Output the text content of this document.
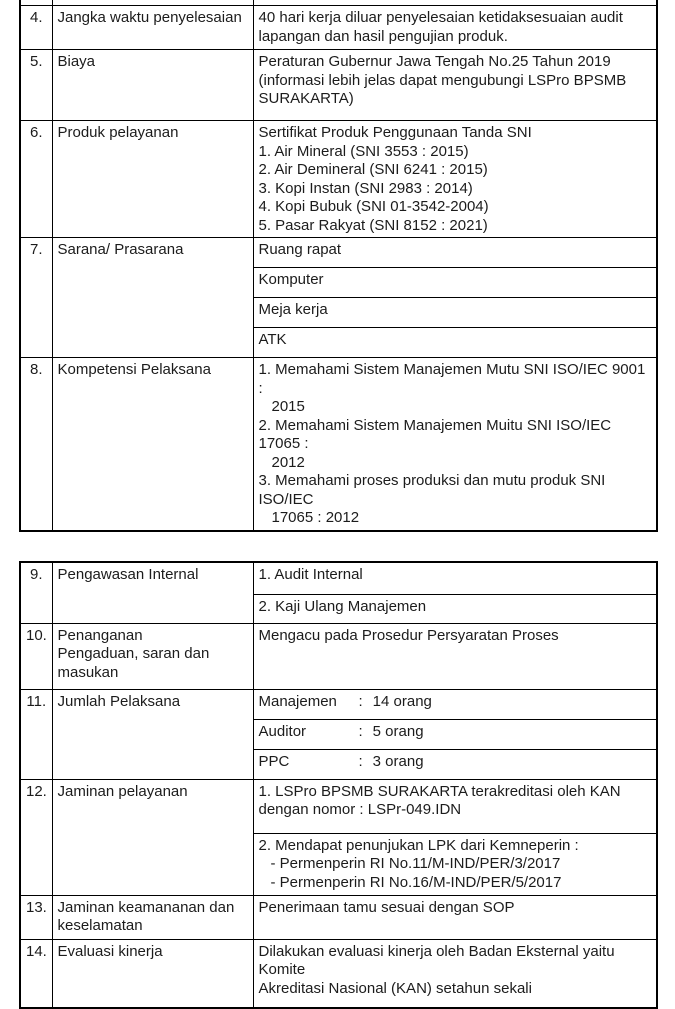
4.	Jangka waktu penyelesaian	40 hari kerja diluar penyelesaian ketidaksesuaian audit
lapangan dan hasil pengujian produk.

5.	Biaya	Peraturan Gubernur Jawa Tengah No.25 Tahun 2019
(informasi lebih jelas dapat mengubungi LSPro BPSMB
SURAKARTA)

6.	Produk pelayanan	Sertifikat Produk Penggunaan Tanda SNI
1. Air Mineral (SNI 3553 : 2015)
2. Air Demineral (SNI 6241 : 2015)
3. Kopi Instan (SNI 2983 : 2014)
4. Kopi Bubuk (SNI 01-3542-2004)
5. Pasar Rakyat (SNI 8152 : 2021)

7.	Sarana/ Prasarana	Ruang rapat
		Komputer
		Meja kerja
		ATK
8.	Kompetensi Pelaksana	1. Memahami Sistem Manajemen Mutu SNI ISO/IEC 9001 :
2015
2. Memahami Sistem Manajemen Muitu SNI ISO/IEC 17065 :
2012
3. Memahami proses produksi dan mutu produk SNI ISO/IEC
17065 : 2012
9.	Pengawasan Internal	1. Audit Internal
		2. Kaji Ulang Manajemen
10.	Penanganan
Pengaduan, saran dan
masukan	Mengacu pada Prosedur Persyaratan Proses
11.	Jumlah Pelaksana	Manajemen : 14 orang
		Auditor : 5 orang
		PPC : 3 orang
12.	Jaminan pelayanan	1. LSPro BPSMB SURAKARTA terakreditasi oleh KAN
dengan nomor : LSPr-049.IDN

		2. Mendapat penunjukan LPK dari Kemneperin :
- Permenperin RI No.11/M-IND/PER/3/2017
- Permenperin RI No.16/M-IND/PER/5/2017

13.	Jaminan keamananan dan
keselamatan	Penerimaan tamu sesuai dengan SOP
14.	Evaluasi kinerja	Dilakukan evaluasi kinerja oleh Badan Eksternal yaitu Komite
Akreditasi Nasional (KAN) setahun sekali
